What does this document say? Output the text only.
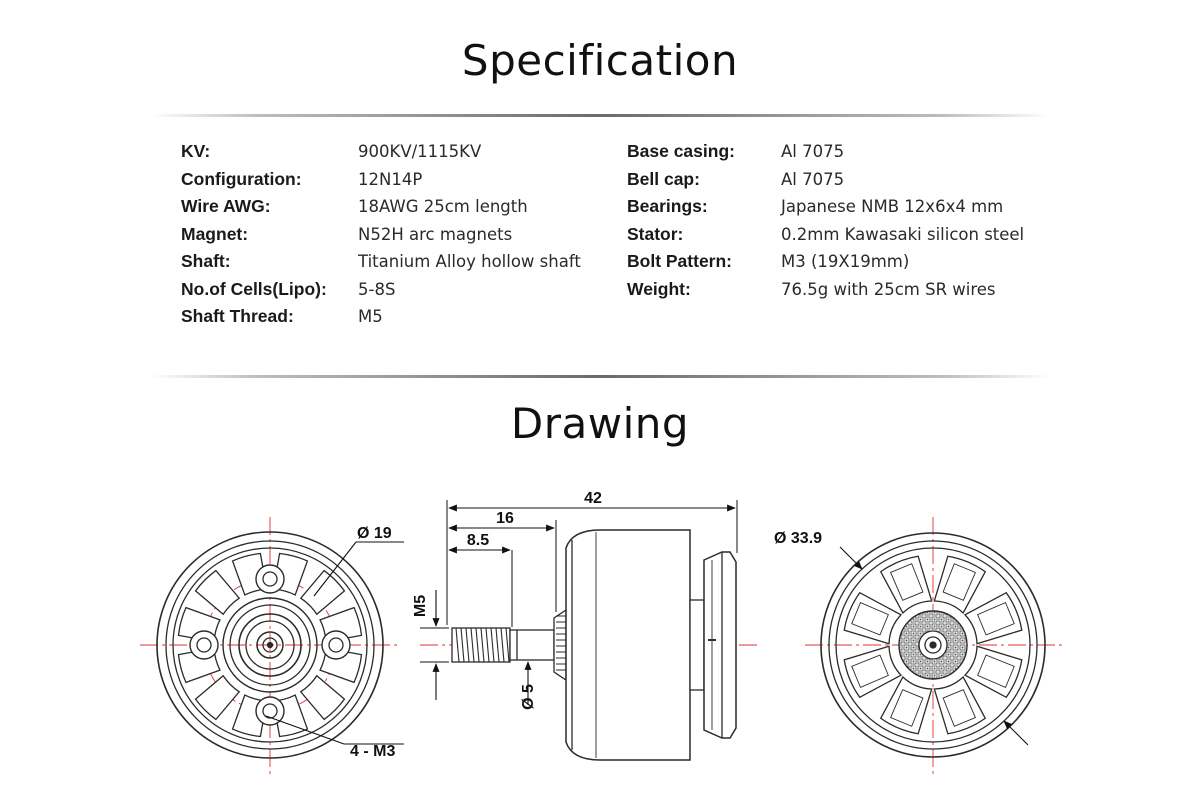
Specification
KV:
Configuration:
Wire AWG:
Magnet:
Shaft:
No.of Cells(Lipo):
Shaft Thread:
900KV/1115KV
12N14P
18AWG 25cm length
N52H arc magnets
Titanium Alloy hollow shaft
5-8S
M5
Base casing:
Bell cap:
Bearings:
Stator:
Bolt Pattern:
Weight:
Al 7075
Al 7075
Japanese NMB 12x6x4 mm
0.2mm Kawasaki silicon steel
M3 (19X19mm)
76.5g with 25cm SR wires
Drawing
Ø 19
4 - M3
42
16
8.5
M5
Ø 5
Ø 33.9
